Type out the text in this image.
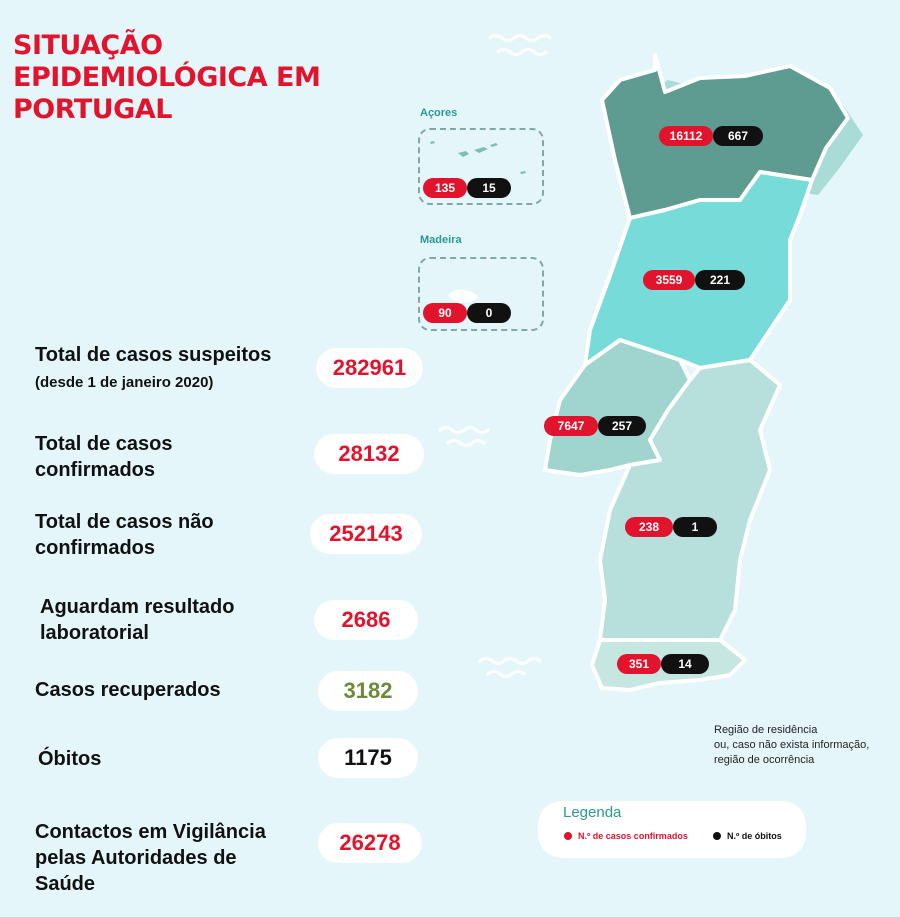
SITUAÇÃO EPIDEMIOLÓGICA EM PORTUGAL
Total de casos suspeitos (desde 1 de janeiro 2020)
282961
Total de casos confirmados
28132
Total de casos não confirmados
252143
Aguardam resultado laboratorial
2686
Casos recuperados	3182
Óbitos	1175
Contactos em Vigilância pelas Autoridades de Saúde
26278
Açores
Madeira
135	15
90	0
16112	667
3559	221
7647	257
238	1
351	14
Região de residência
ou, caso não exista informação,
região de ocorrência
Legenda
N.º de casos confirmados	N.º de óbitos
